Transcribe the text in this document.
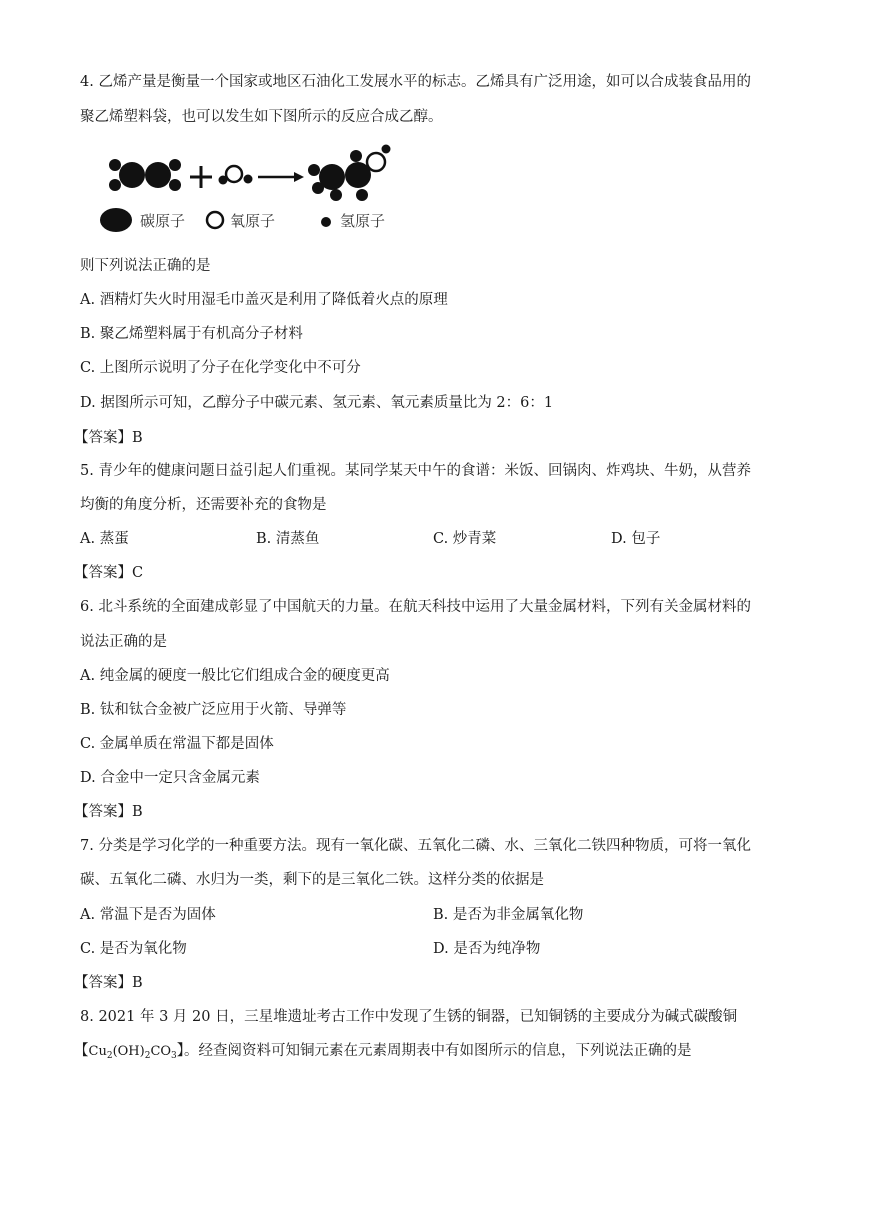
4. 乙烯产量是衡量一个国家或地区石油化工发展水平的标志。乙烯具有广泛用途，如可以合成装食品用的
聚乙烯塑料袋，也可以发生如下图所示的反应合成乙醇。
碳原子	氧原子	氢原子
则下列说法正确的是
A. 酒精灯失火时用湿毛巾盖灭是利用了降低着火点的原理
B. 聚乙烯塑料属于有机高分子材料
C. 上图所示说明了分子在化学变化中不可分
D. 据图所示可知，乙醇分子中碳元素、氢元素、氧元素质量比为 2：6：1
【答案】B
5. 青少年的健康问题日益引起人们重视。某同学某天中午的食谱：米饭、回锅肉、炸鸡块、牛奶，从营养
均衡的角度分析，还需要补充的食物是
A. 蒸蛋	B. 清蒸鱼	C. 炒青菜	D. 包子
【答案】C
6. 北斗系统的全面建成彰显了中国航天的力量。在航天科技中运用了大量金属材料，下列有关金属材料的
说法正确的是
A. 纯金属的硬度一般比它们组成合金的硬度更高
B. 钛和钛合金被广泛应用于火箭、导弹等
C. 金属单质在常温下都是固体
D. 合金中一定只含金属元素
【答案】B
7. 分类是学习化学的一种重要方法。现有一氧化碳、五氧化二磷、水、三氧化二铁四种物质，可将一氧化
碳、五氧化二磷、水归为一类，剩下的是三氧化二铁。这样分类的依据是
A. 常温下是否为固体	B. 是否为非金属氧化物
C. 是否为氧化物	D. 是否为纯净物
【答案】B
8. 2021 年 3 月 20 日，三星堆遗址考古工作中发现了生锈的铜器，已知铜锈的主要成分为碱式碳酸铜
【$Cu_2(OH)_2CO_3$】。经查阅资料可知铜元素在元素周期表中有如图所示的信息，下列说法正确的是
